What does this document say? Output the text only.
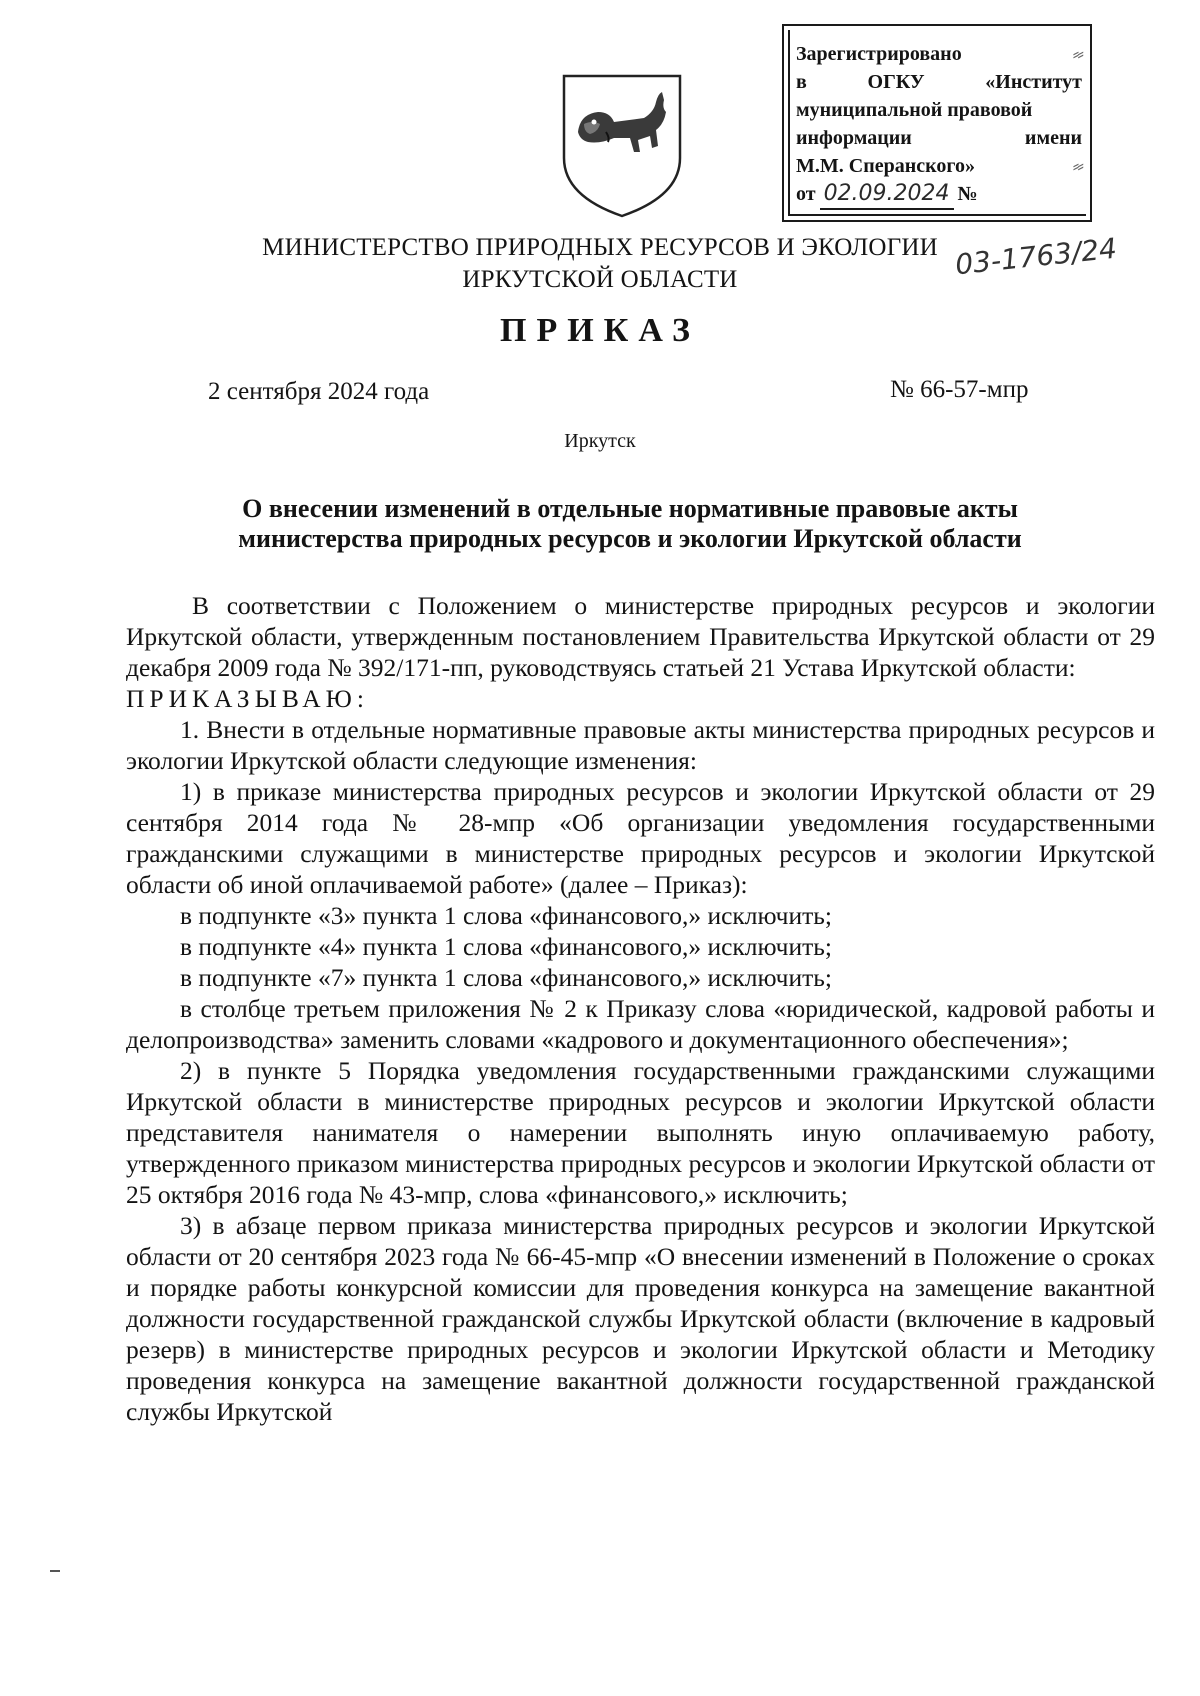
Зарегистрировано	⸗⸗
в	ОГКУ	«Институт
муниципальной правовой
информации	имени
М.М. Сперанского»	⸗⸗
от 02.09.2024 №
МИНИСТЕРСТВО ПРИРОДНЫХ РЕСУРСОВ И ЭКОЛОГИИ
ИРКУТСКОЙ ОБЛАСТИ	03-1763/24
ПРИКАЗ
2 сентября 2024 года	№ 66-57-мпр
Иркутск
О внесении изменений в отдельные нормативные правовые акты
министерства природных ресурсов и экологии Иркутской области

В соответствии с Положением о министерстве природных ресурсов и экологии Иркутской области, утвержденным постановлением Правительства Иркутской области от 29 декабря 2009 года № 392/171-пп, руководствуясь статьей 21 Устава Иркутской области:

ПРИКАЗЫВАЮ:

1. Внести в отдельные нормативные правовые акты министерства природных ресурсов и экологии Иркутской области следующие изменения:

1) в приказе министерства природных ресурсов и экологии Иркутской области от 29 сентября 2014 года № 28-мпр «Об организации уведомления государственными гражданскими служащими в министерстве природных ресурсов и экологии Иркутской области об иной оплачиваемой работе» (далее – Приказ):

в подпункте «3» пункта 1 слова «финансового,» исключить;

в подпункте «4» пункта 1 слова «финансового,» исключить;

в подпункте «7» пункта 1 слова «финансового,» исключить;

в столбце третьем приложения № 2 к Приказу слова «юридической, кадровой работы и делопроизводства» заменить словами «кадрового и документационного обеспечения»;

2) в пункте 5 Порядка уведомления государственными гражданскими служащими Иркутской области в министерстве природных ресурсов и экологии Иркутской области представителя нанимателя о намерении выполнять иную оплачиваемую работу, утвержденного приказом министерства природных ресурсов и экологии Иркутской области от 25 октября 2016 года № 43-мпр, слова «финансового,» исключить;

3) в абзаце первом приказа министерства природных ресурсов и экологии Иркутской области от 20 сентября 2023 года № 66-45-мпр «О внесении изменений в Положение о сроках и порядке работы конкурсной комиссии для проведения конкурса на замещение вакантной должности государственной гражданской службы Иркутской области (включение в кадровый резерв) в министерстве природных ресурсов и экологии Иркутской области и Методику проведения конкурса на замещение вакантной должности государственной гражданской службы Иркутской
